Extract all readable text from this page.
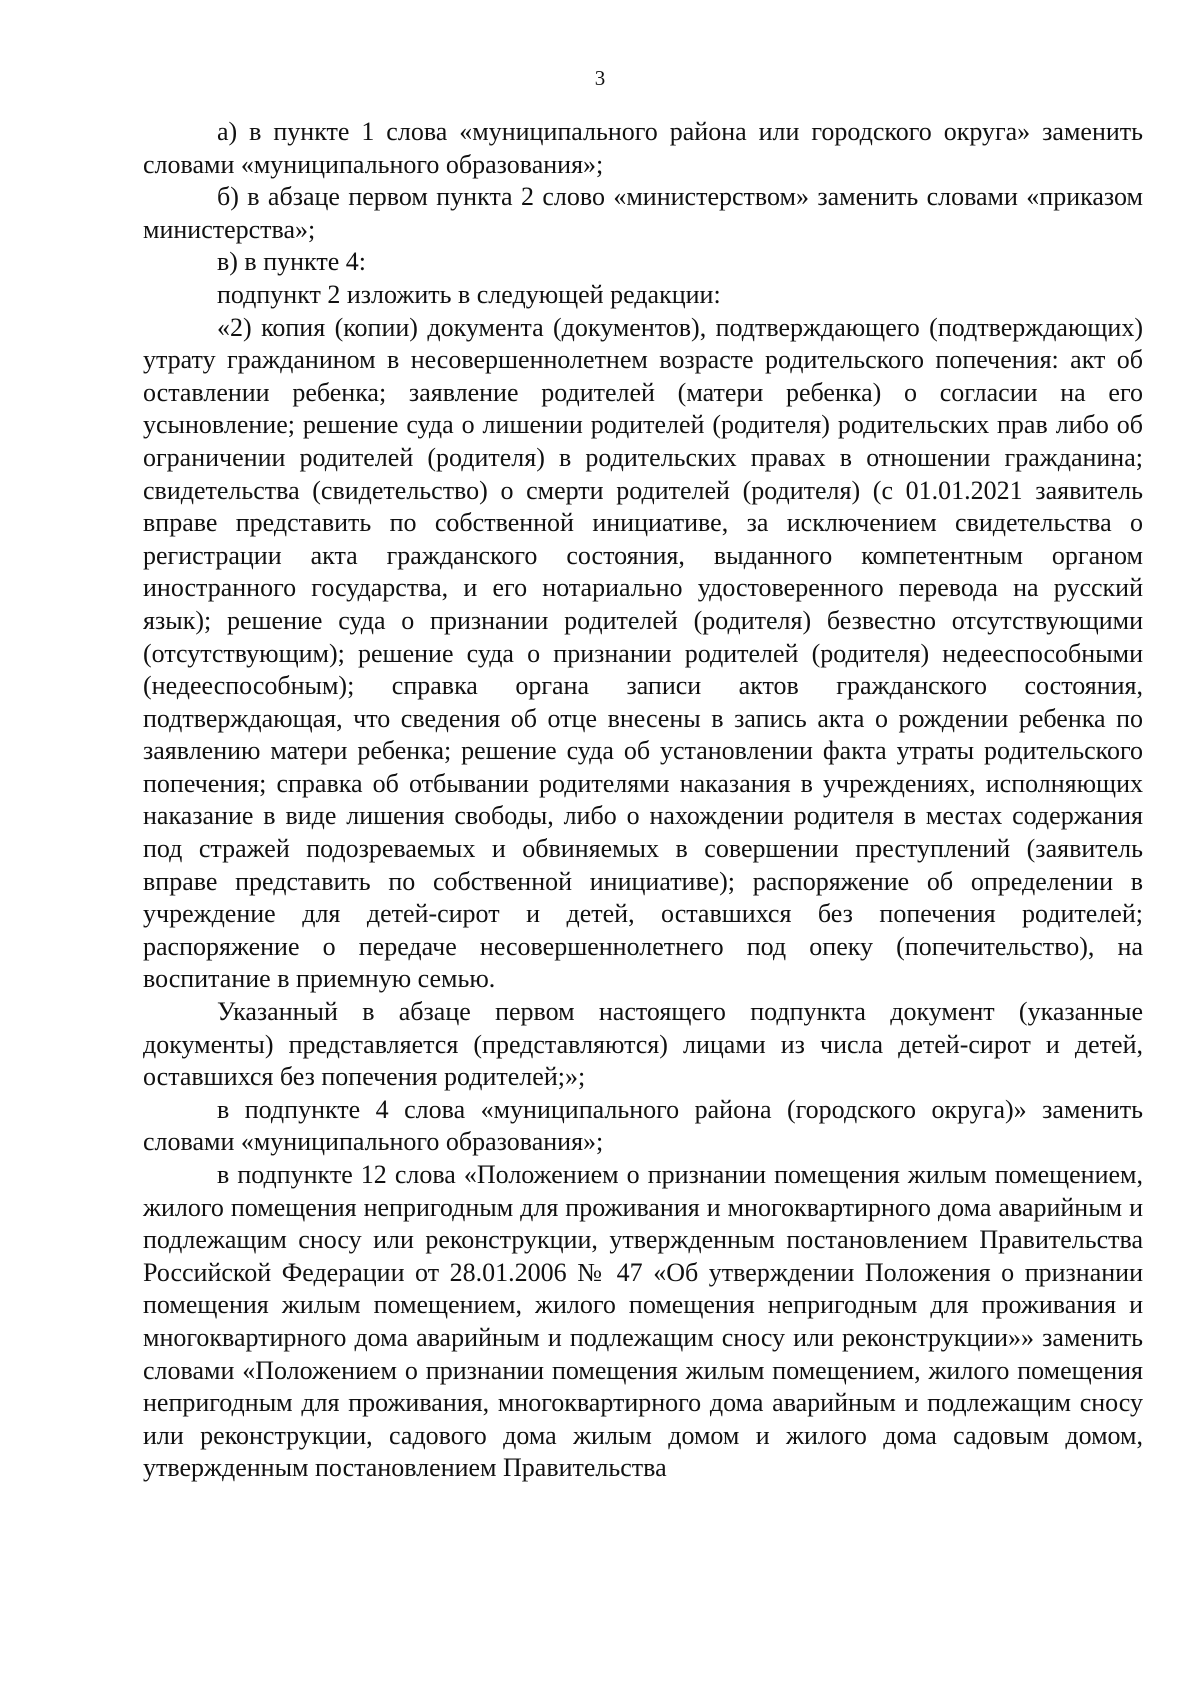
3

а) в пункте 1 слова «муниципального района или городского округа» заменить словами «муниципального образования»;

б) в абзаце первом пункта 2 слово «министерством» заменить словами «приказом министерства»;

в) в пункте 4:

подпункт 2 изложить в следующей редакции:

«2) копия (копии) документа (документов), подтверждающего (подтверждающих) утрату гражданином в несовершеннолетнем возрасте родительского попечения: акт об оставлении ребенка; заявление родителей (матери ребенка) о согласии на его усыновление; решение суда о лишении родителей (родителя) родительских прав либо об ограничении родителей (родителя) в родительских правах в отношении гражданина; свидетельства (свидетельство) о смерти родителей (родителя) (с 01.01.2021 заявитель вправе представить по собственной инициативе, за исключением свидетельства о регистрации акта гражданского состояния, выданного компетентным органом иностранного государства, и его нотариально удостоверенного перевода на русский язык); решение суда о признании родителей (родителя) безвестно отсутствующими (отсутствующим); решение суда о признании родителей (родителя) недееспособными (недееспособным); справка органа записи актов гражданского состояния, подтверждающая, что сведения об отце внесены в запись акта о рождении ребенка по заявлению матери ребенка; решение суда об установлении факта утраты родительского попечения; справка об отбывании родителями наказания в учреждениях, исполняющих наказание в виде лишения свободы, либо о нахождении родителя в местах содержания под стражей подозреваемых и обвиняемых в совершении преступлений (заявитель вправе представить по собственной инициативе); распоряжение об определении в учреждение для детей-сирот и детей, оставшихся без попечения родителей; распоряжение о передаче несовершеннолетнего под опеку (попечительство), на воспитание в приемную семью.

Указанный в абзаце первом настоящего подпункта документ (указанные документы) представляется (представляются) лицами из числа детей-сирот и детей, оставшихся без попечения родителей;»;

в подпункте 4 слова «муниципального района (городского округа)» заменить словами «муниципального образования»;

в подпункте 12 слова «Положением о признании помещения жилым помещением, жилого помещения непригодным для проживания и многоквартирного дома аварийным и подлежащим сносу или реконструкции, утвержденным постановлением Правительства Российской Федерации от 28.01.2006 № 47 «Об утверждении Положения о признании помещения жилым помещением, жилого помещения непригодным для проживания и многоквартирного дома аварийным и подлежащим сносу или реконструкции»» заменить словами «Положением о признании помещения жилым помещением, жилого помещения непригодным для проживания, многоквартирного дома аварийным и подлежащим сносу или реконструкции, садового дома жилым домом и жилого дома садовым домом, утвержденным постановлением Правительства
